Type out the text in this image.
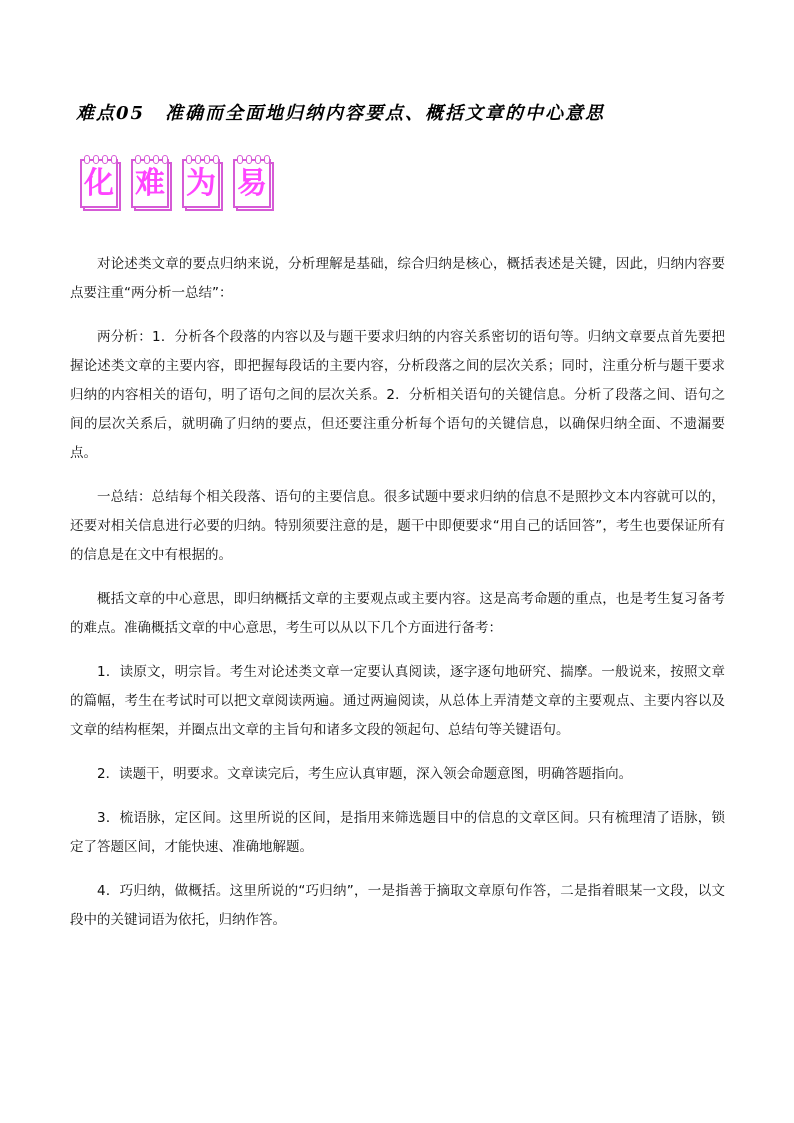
难点05　准确而全面地归纳内容要点、概括文章的中心意思
化 难 为 易

对论述类文章的要点归纳来说，分析理解是基础，综合归纳是核心，概括表述是关键，因此，归纳内容要点要注重“两分析一总结”：

两分析：1．分析各个段落的内容以及与题干要求归纳的内容关系密切的语句等。归纳文章要点首先要把握论述类文章的主要内容，即把握每段话的主要内容，分析段落之间的层次关系；同时，注重分析与题干要求归纳的内容相关的语句，明了语句之间的层次关系。2．分析相关语句的关键信息。分析了段落之间、语句之间的层次关系后，就明确了归纳的要点，但还要注重分析每个语句的关键信息，以确保归纳全面、不遗漏要点。

一总结：总结每个相关段落、语句的主要信息。很多试题中要求归纳的信息不是照抄文本内容就可以的，还要对相关信息进行必要的归纳。特别须要注意的是，题干中即便要求“用自己的话回答”，考生也要保证所有的信息是在文中有根据的。

概括文章的中心意思，即归纳概括文章的主要观点或主要内容。这是高考命题的重点，也是考生复习备考的难点。准确概括文章的中心意思，考生可以从以下几个方面进行备考：

1．读原文，明宗旨。考生对论述类文章一定要认真阅读，逐字逐句地研究、揣摩。一般说来，按照文章的篇幅，考生在考试时可以把文章阅读两遍。通过两遍阅读，从总体上弄清楚文章的主要观点、主要内容以及文章的结构框架，并圈点出文章的主旨句和诸多文段的领起句、总结句等关键语句。

2．读题干，明要求。文章读完后，考生应认真审题，深入领会命题意图，明确答题指向。

3．梳语脉，定区间。这里所说的区间，是指用来筛选题目中的信息的文章区间。只有梳理清了语脉，锁定了答题区间，才能快速、准确地解题。

4．巧归纳，做概括。这里所说的“巧归纳”，一是指善于摘取文章原句作答，二是指着眼某一文段，以文段中的关键词语为依托，归纳作答。
